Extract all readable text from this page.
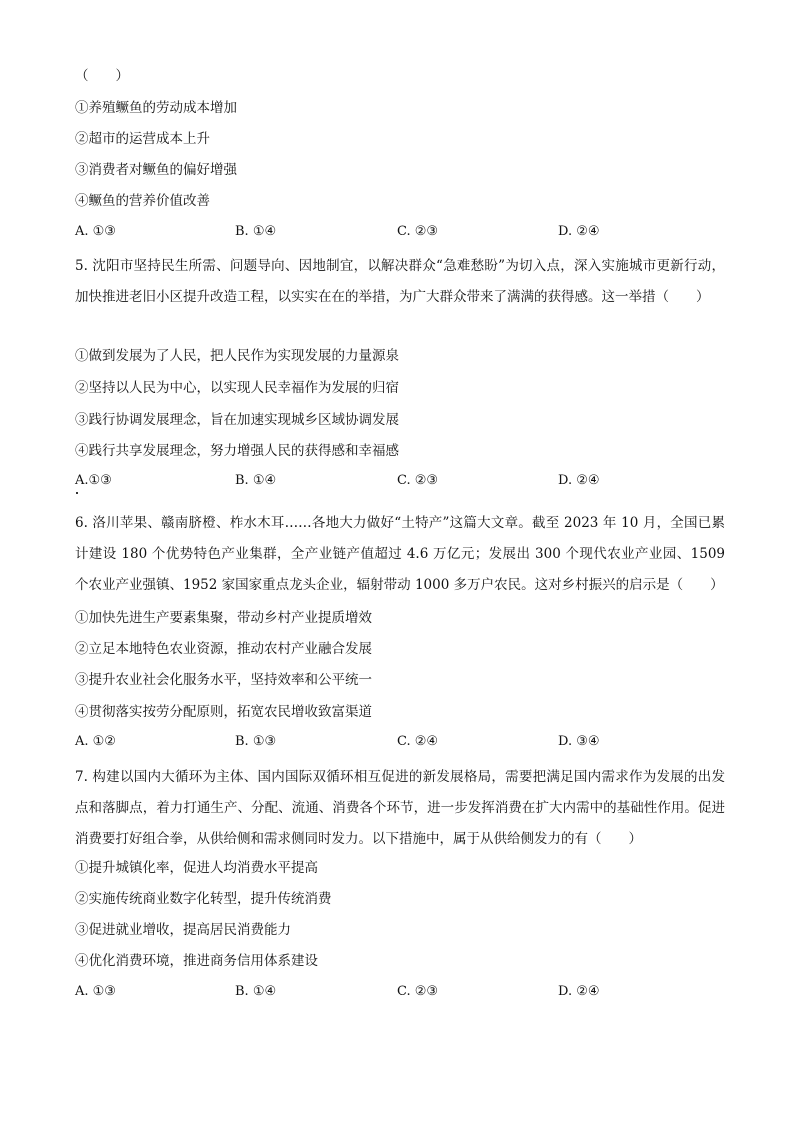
（　　）
①养殖鳜鱼的劳动成本增加
②超市的运营成本上升
③消费者对鳜鱼的偏好增强
④鳜鱼的营养价值改善
A. ①③	B. ①④	C. ②③	D. ②④
5. 沈阳市坚持民生所需、问题导向、因地制宜，以解决群众“急难愁盼”为切入点，深入实施城市更新行动，加快推进老旧小区提升改造工程，以实实在在的举措，为广大群众带来了满满的获得感。这一举措（　　）
①做到发展为了人民，把人民作为实现发展的力量源泉
②坚持以人民为中心，以实现人民幸福作为发展的归宿
③践行协调发展理念，旨在加速实现城乡区域协调发展
④践行共享发展理念，努力增强人民的获得感和幸福感
A.①③	B. ①④	C. ②③	D. ②④
6. 洛川苹果、赣南脐橙、柞水木耳……各地大力做好“土特产”这篇大文章。截至 2023 年 10 月，全国已累计建设 180 个优势特色产业集群，全产业链产值超过 4.6 万亿元；发展出 300 个现代农业产业园、1509 个农业产业强镇、1952 家国家重点龙头企业，辐射带动 1000 多万户农民。这对乡村振兴的启示是（　　）
①加快先进生产要素集聚，带动乡村产业提质增效
②立足本地特色农业资源，推动农村产业融合发展
③提升农业社会化服务水平，坚持效率和公平统一
④贯彻落实按劳分配原则，拓宽农民增收致富渠道
A. ①②	B. ①③	C. ②④	D. ③④
7. 构建以国内大循环为主体、国内国际双循环相互促进的新发展格局，需要把满足国内需求作为发展的出发点和落脚点，着力打通生产、分配、流通、消费各个环节，进一步发挥消费在扩大内需中的基础性作用。促进消费要打好组合拳，从供给侧和需求侧同时发力。以下措施中，属于从供给侧发力的有（　　）
①提升城镇化率，促进人均消费水平提高
②实施传统商业数字化转型，提升传统消费
③促进就业增收，提高居民消费能力
④优化消费环境，推进商务信用体系建设
A. ①③	B. ①④	C. ②③	D. ②④
